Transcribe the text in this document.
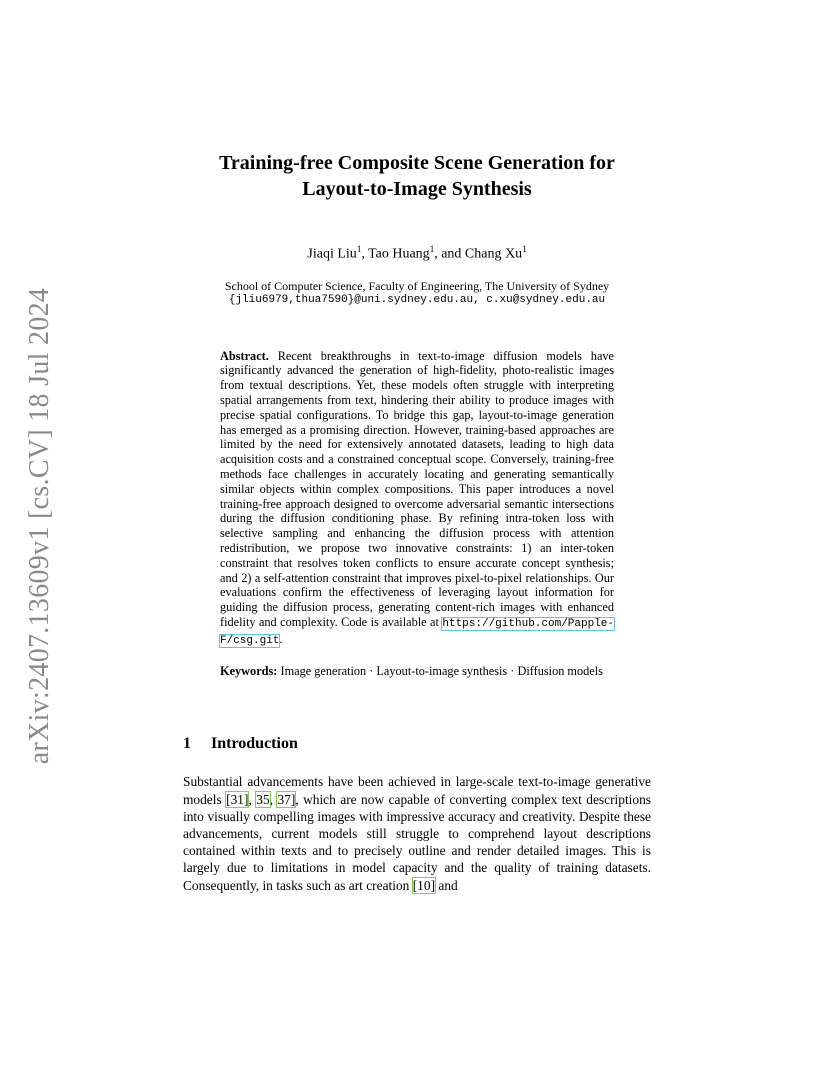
arXiv:2407.13609v1 [cs.CV] 18 Jul 2024
Training-free Composite Scene Generation for
Layout-to-Image Synthesis
Jiaqi Liu$^1$, Tao Huang$^1$, and Chang Xu$^1$
School of Computer Science, Faculty of Engineering, The University of Sydney
{jliu6979,thua7590}@uni.sydney.edu.au, c.xu@sydney.edu.au
Abstract. Recent breakthroughs in text-to-image diffusion models have significantly advanced the generation of high-fidelity, photo-realistic images from textual descriptions. Yet, these models often struggle with interpreting spatial arrangements from text, hindering their ability to produce images with precise spatial configurations. To bridge this gap, layout-to-image generation has emerged as a promising direction. However, training-based approaches are limited by the need for extensively annotated datasets, leading to high data acquisition costs and a constrained conceptual scope. Conversely, training-free methods face challenges in accurately locating and generating semantically similar objects within complex compositions. This paper introduces a novel training-free approach designed to overcome adversarial semantic intersections during the diffusion conditioning phase. By refining intra-token loss with selective sampling and enhancing the diffusion process with attention redistribution, we propose two innovative constraints: 1) an inter-token constraint that resolves token conflicts to ensure accurate concept synthesis; and 2) a self-attention constraint that improves pixel-to-pixel relationships. Our evaluations confirm the effectiveness of leveraging layout information for guiding the diffusion process, generating content-rich images with enhanced fidelity and complexity. Code is available at https://github.com/Papple-F/csg.git.
Keywords: Image generation · Layout-to-image synthesis · Diffusion models
1 Introduction
Substantial advancements have been achieved in large-scale text-to-image generative models [31], 35, 37], which are now capable of converting complex text descriptions into visually compelling images with impressive accuracy and creativity. Despite these advancements, current models still struggle to comprehend layout descriptions contained within texts and to precisely outline and render detailed images. This is largely due to limitations in model capacity and the quality of training datasets. Consequently, in tasks such as art creation [10] and
